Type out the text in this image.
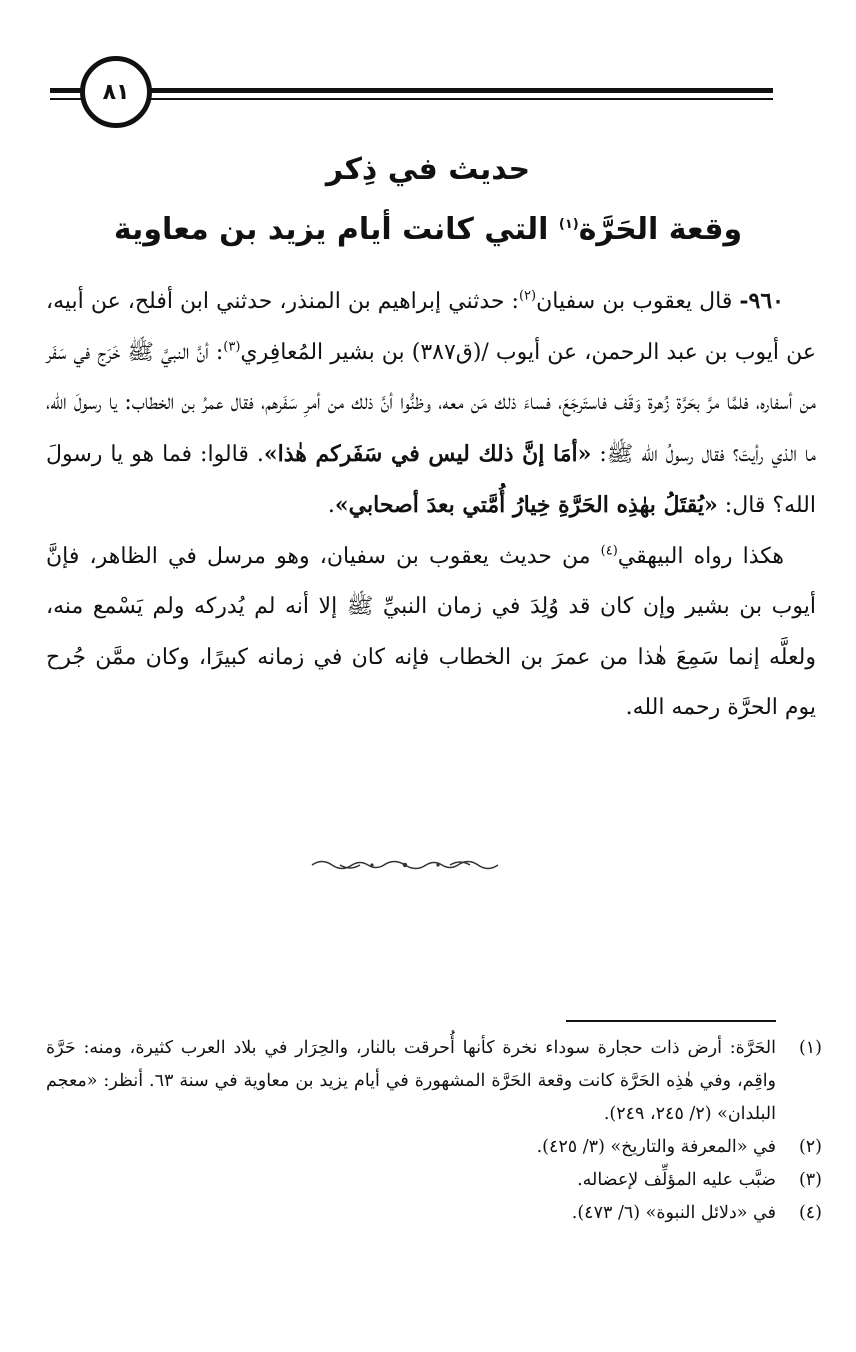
٨١
حديث في ذِكر
وقعة الحَرَّة$^{(١)}$ التي كانت أيام يزيد بن معاوية

٩٦٠- قال يعقوب بن سفيان$^{(٢)}$: حدثني إبراهيم بن المنذر، حدثني ابن أفلح، عن أبيه، عن أيوب بن عبد الرحمن، عن أيوب /(ق٣٨٧) بن بشير المُعافِري$^{(٣)}$: أنَّ النبيَّ ﷺ خَرَج في سَفَر من أسفاره، فلمَّا مرَّ بحَرَّة زُهرة وَقَف فاستَرجَعَ، فساءَ ذلك مَن معه، وظنُّوا أنَّ ذلك من أمرِ سَفَرهم، فقال عمرُ بن الخطاب: يا رسولَ الله، ما الذي رأيتَ؟ فقال رسولُ الله ﷺ: «أمَا إنَّ ذلك ليس في سَفَركم هٰذا». قالوا: فما هو يا رسولَ الله؟ قال: «يُقتَلُ بهٰذِه الحَرَّةِ خِيارُ أُمَّتي بعدَ أصحابي».

هكذا رواه البيهقي$^{(٤)}$ من حديث يعقوب بن سفيان، وهو مرسل في الظاهر، فإنَّ أيوب بن بشير وإن كان قد وُلِدَ في زمان النبيِّ ﷺ إلا أنه لم يُدركه ولم يَسْمع منه، ولعلَّه إنما سَمِعَ هٰذا من عمرَ بن الخطاب فإنه كان في زمانه كبيرًا، وكان ممَّن جُرح يوم الحرَّة رحمه الله.

(١)
الحَرَّة: أرض ذات حجارة سوداء نخرة كأنها أُحرقت بالنار، والحِرَار في بلاد العرب كثيرة، ومنه: حَرَّة واقِم، وفي هٰذِه الحَرَّة كانت وقعة الحَرَّة المشهورة في أيام يزيد بن معاوية في سنة ٦٣. أنظر: «معجم البلدان» (٢/ ٢٤٥، ٢٤٩).
(٢)
في «المعرفة والتاريخ» (٣/ ٤٢٥).
(٣)
ضبَّب عليه المؤلِّف لإعضاله.
(٤)
في «دلائل النبوة» (٦/ ٤٧٣).
